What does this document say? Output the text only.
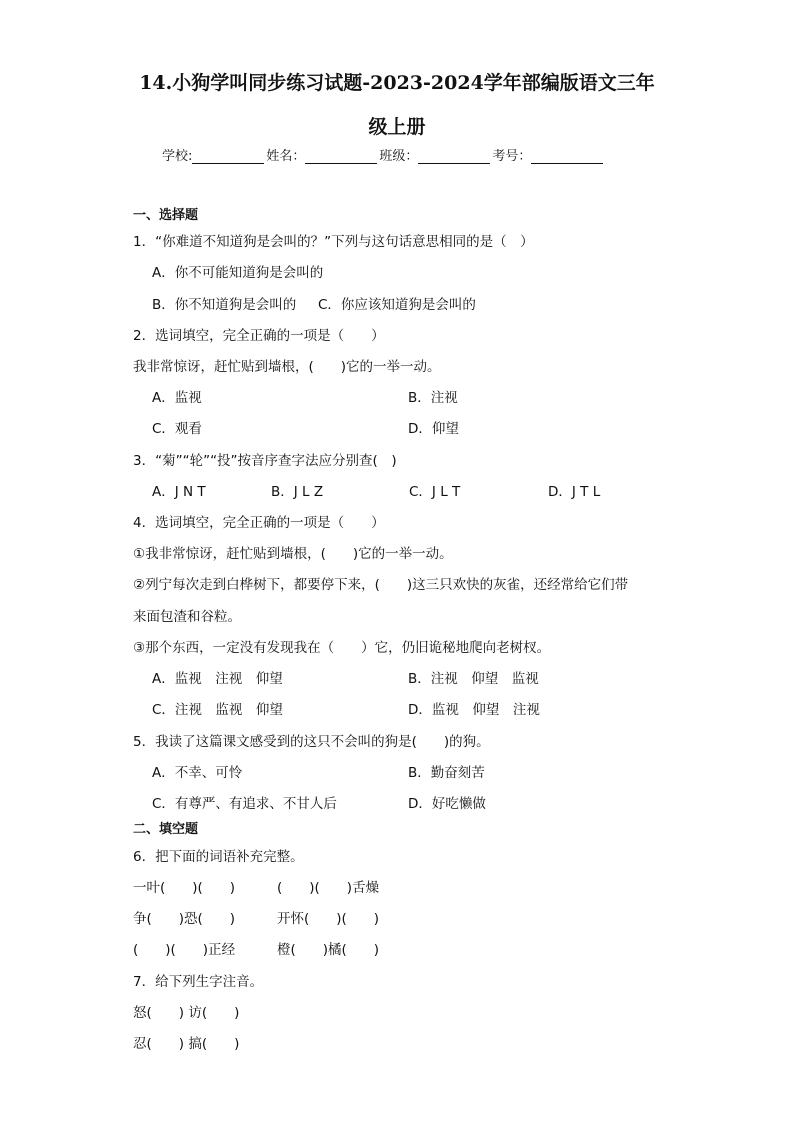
14.小狗学叫同步练习试题-2023-2024学年部编版语文三年
级上册
学校:	姓名：	班级：	考号：
一、选择题
1．“你难道不知道狗是会叫的？”下列与这句话意思相同的是（　）
A．你不可能知道狗是会叫的
B．你不知道狗是会叫的 C．你应该知道狗是会叫的
2．选词填空，完全正确的一项是（　　）
我非常惊讶，赶忙贴到墙根，(　　)它的一举一动。
A．监视	B．注视
C．观看	D．仰望
3．“菊”“轮”“投”按音序查字法应分别查(　)
A．J N T	B．J L Z	C．J L T	D．J T L
4．选词填空，完全正确的一项是（　　）
①我非常惊讶，赶忙贴到墙根，(　　)它的一举一动。
②列宁每次走到白桦树下，都要停下来，(　　)这三只欢快的灰雀，还经常给它们带
来面包渣和谷粒。
③那个东西，一定没有发现我在（　　）它，仍旧诡秘地爬向老树杈。
A．监视　注视　仰望	B．注视　仰望　监视
C．注视　监视　仰望	D．监视　仰望　注视
5．我读了这篇课文感受到的这只不会叫的狗是(　　)的狗。
A．不幸、可怜	B．勤奋刻苦
C．有尊严、有追求、不甘人后	D．好吃懒做
二、填空题
6．把下面的词语补充完整。
一叶(　　)(　　)	(　　)(　　)舌燥
争(　　)恐(　　)	开怀(　　)(　　)
(　　)(　　)正经	橙(　　)橘(　　)
7．给下列生字注音。
怒(　　) 访(　　)
忍(　　) 搞(　　)
